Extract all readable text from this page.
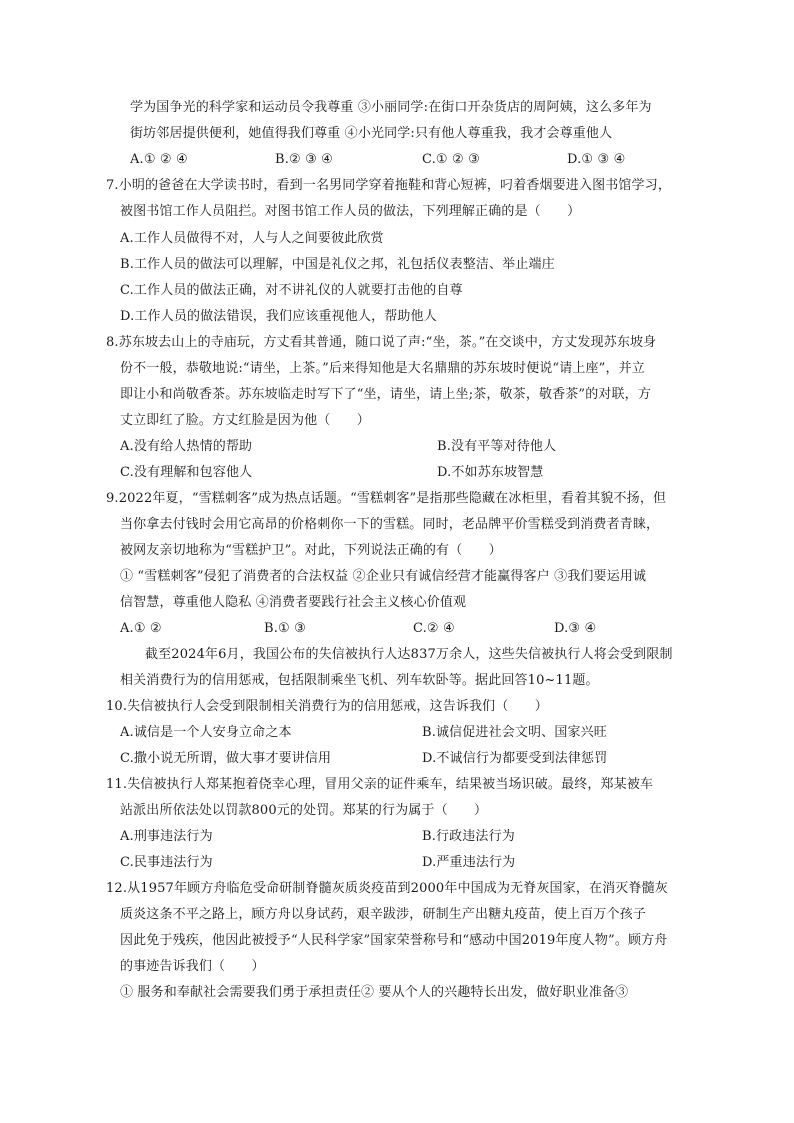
学为国争光的科学家和运动员令我尊重 ③小丽同学:在街口开杂货店的周阿姨，这么多年为
街坊邻居提供便利，她值得我们尊重 ④小光同学:只有他人尊重我，我才会尊重他人
A.① ② ④	B.② ③ ④	C.① ② ③	D.① ③ ④
7.小明的爸爸在大学读书时，看到一名男同学穿着拖鞋和背心短裤，叼着香烟要进入图书馆学习，
被图书馆工作人员阻拦。对图书馆工作人员的做法，下列理解正确的是（　　）
A.工作人员做得不对，人与人之间要彼此欣赏
B.工作人员的做法可以理解，中国是礼仪之邦，礼包括仪表整洁、举止端庄
C.工作人员的做法正确，对不讲礼仪的人就要打击他的自尊
D.工作人员的做法错误，我们应该重视他人，帮助他人
8.苏东坡去山上的寺庙玩，方丈看其普通，随口说了声:“坐，茶。”在交谈中，方丈发现苏东坡身
份不一般，恭敬地说:“请坐，上茶。”后来得知他是大名鼎鼎的苏东坡时便说“请上座”，并立
即让小和尚敬香茶。苏东坡临走时写下了“坐，请坐，请上坐;茶，敬茶，敬香茶”的对联，方
丈立即红了脸。方丈红脸是因为他（　　）
A.没有给人热情的帮助	B.没有平等对待他人
C.没有理解和包容他人	D.不如苏东坡智慧
9.2022年夏，“雪糕刺客”成为热点话题。“雪糕刺客”是指那些隐藏在冰柜里，看着其貌不扬，但
当你拿去付钱时会用它高昂的价格刺你一下的雪糕。同时，老品牌平价雪糕受到消费者青睐，
被网友亲切地称为“雪糕护卫”。对此，下列说法正确的有（　　）
① “雪糕刺客”侵犯了消费者的合法权益 ②企业只有诚信经营才能赢得客户 ③我们要运用诚
信智慧，尊重他人隐私 ④消费者要践行社会主义核心价值观
A.① ②	B.① ③	C.② ④	D.③ ④
截至2024年6月，我国公布的失信被执行人达837万余人，这些失信被执行人将会受到限制
相关消费行为的信用惩戒，包括限制乘坐飞机、列车软卧等。据此回答10~11题。
10.失信被执行人会受到限制相关消费行为的信用惩戒，这告诉我们（　　）
A.诚信是一个人安身立命之本	B.诚信促进社会文明、国家兴旺
C.撒小说无所谓，做大事才要讲信用	D.不诚信行为都要受到法律惩罚
11.失信被执行人郑某抱着侥幸心理，冒用父亲的证件乘车，结果被当场识破。最终，郑某被车
站派出所依法处以罚款800元的处罚。郑某的行为属于（　　）
A.刑事违法行为	B.行政违法行为
C.民事违法行为	D.严重违法行为
12.从1957年顾方舟临危受命研制脊髓灰质炎疫苗到2000年中国成为无脊灰国家，在消灭脊髓灰
质炎这条不平之路上，顾方舟以身试药，艰辛跋涉，研制生产出糖丸疫苗，使上百万个孩子
因此免于残疾，他因此被授予“人民科学家”国家荣誉称号和“感动中国2019年度人物”。顾方舟
的事迹告诉我们（　　）
① 服务和奉献社会需要我们勇于承担责任② 要从个人的兴趣特长出发，做好职业准备③
